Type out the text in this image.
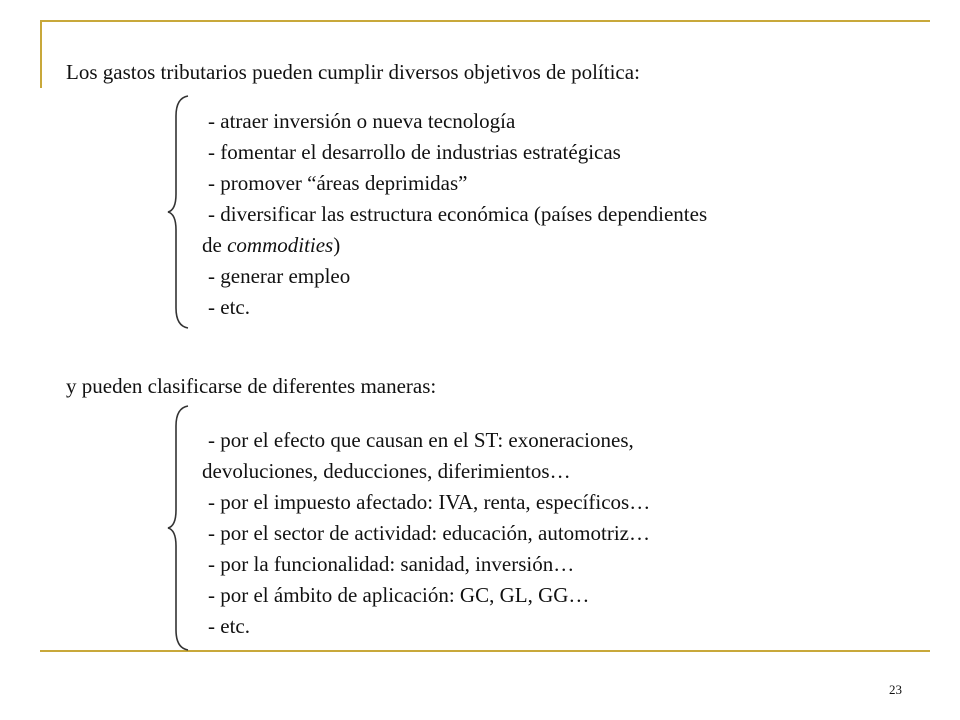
Los gastos tributarios pueden cumplir diversos objetivos de política:
- atraer inversión o nueva tecnología
- fomentar el desarrollo de industrias estratégicas
- promover “áreas deprimidas”
- diversificar las estructura económica (países dependientes
de commodities)
- generar empleo
- etc.
y pueden clasificarse de diferentes maneras:
- por el efecto que causan en el ST: exoneraciones,
devoluciones, deducciones, diferimientos…
- por el impuesto afectado: IVA, renta, específicos…
- por el sector de actividad: educación, automotriz…
- por la funcionalidad: sanidad, inversión…
- por el ámbito de aplicación: GC, GL, GG…
- etc.
23
